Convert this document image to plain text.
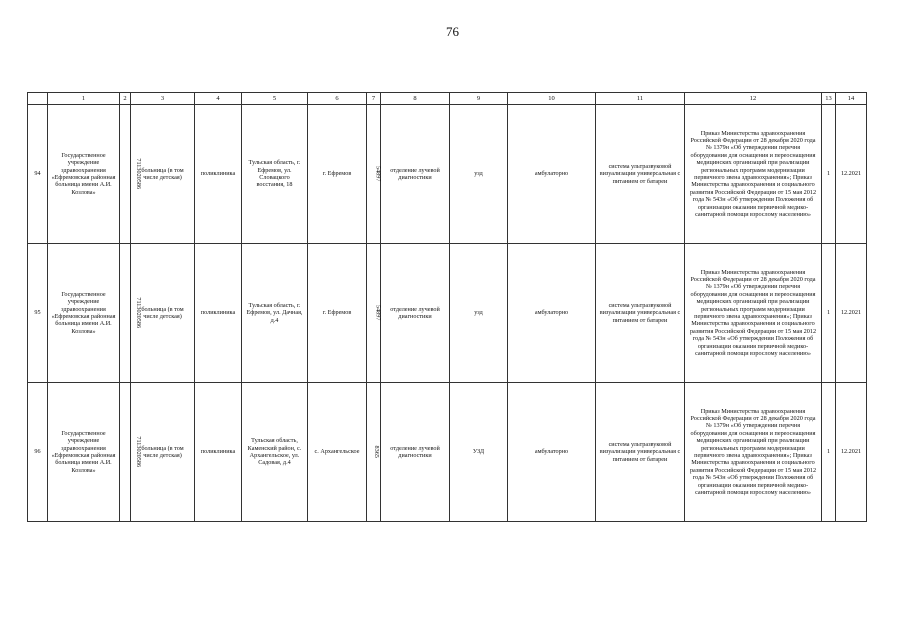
76
	1	2	3	4	5	6	7	8	9	10	11	12	13	14
94	Государственное учреждение здравоохранения «Ефремовская районная больница имени А.И. Козлова»	7113020586	больница (в том числе детская)	поликлиника	Тульская область, г. Ефремов, ул. Словацкого восстания, 18	г. Ефремов	54897	отделение лучевой диагностики	узд	амбулаторно	система ультразвуковой визуализации универсальная с питанием от батареи	Приказ Министерства здравоохранения Российской Федерации от 28 декабря 2020 года № 1379н «Об утверждении перечня оборудования для оснащения и переоснащения медицинских организаций при реализации региональных программ модернизации первичного звена здравоохранения»; Приказ Министерства здравоохранения и социального развития Российской Федерации от 15 мая 2012 года № 543н «Об утверждении Положения об организации оказания первичной медико-санитарной помощи взрослому населению»	1	12.2021
95	Государственное учреждение здравоохранения «Ефремовская районная больница имени А.И. Козлова»	7113020586	больница (в том числе детская)	поликлиника	Тульская область, г. Ефремов, ул. Дачная, д.4	г. Ефремов	54897	отделение лучевой диагностики	узд	амбулаторно	система ультразвуковой визуализации универсальная с питанием от батареи	Приказ Министерства здравоохранения Российской Федерации от 28 декабря 2020 года № 1379н «Об утверждении перечня оборудования для оснащения и переоснащения медицинских организаций при реализации региональных программ модернизации первичного звена здравоохранения»; Приказ Министерства здравоохранения и социального развития Российской Федерации от 15 мая 2012 года № 543н «Об утверждении Положения об организации оказания первичной медико-санитарной помощи взрослому населению»	1	12.2021
96	Государственное учреждение здравоохранения «Ефремовская районная больница имени А.И. Козлова»	7113020586	больница (в том числе детская)	поликлиника	Тульская область, Каменский район, с. Архангельское, ул. Садовая, д.4	с. Архангельское	8365	отделение лучевой диагностики	УЗД	амбулаторно	система ультразвуковой визуализации универсальная с питанием от батареи	Приказ Министерства здравоохранения Российской Федерации от 28 декабря 2020 года № 1379н «Об утверждении перечня оборудования для оснащения и переоснащения медицинских организаций при реализации региональных программ модернизации первичного звена здравоохранения»; Приказ Министерства здравоохранения и социального развития Российской Федерации от 15 мая 2012 года № 543н «Об утверждении Положения об организации оказания первичной медико-санитарной помощи взрослому населению»	1	12.2021
